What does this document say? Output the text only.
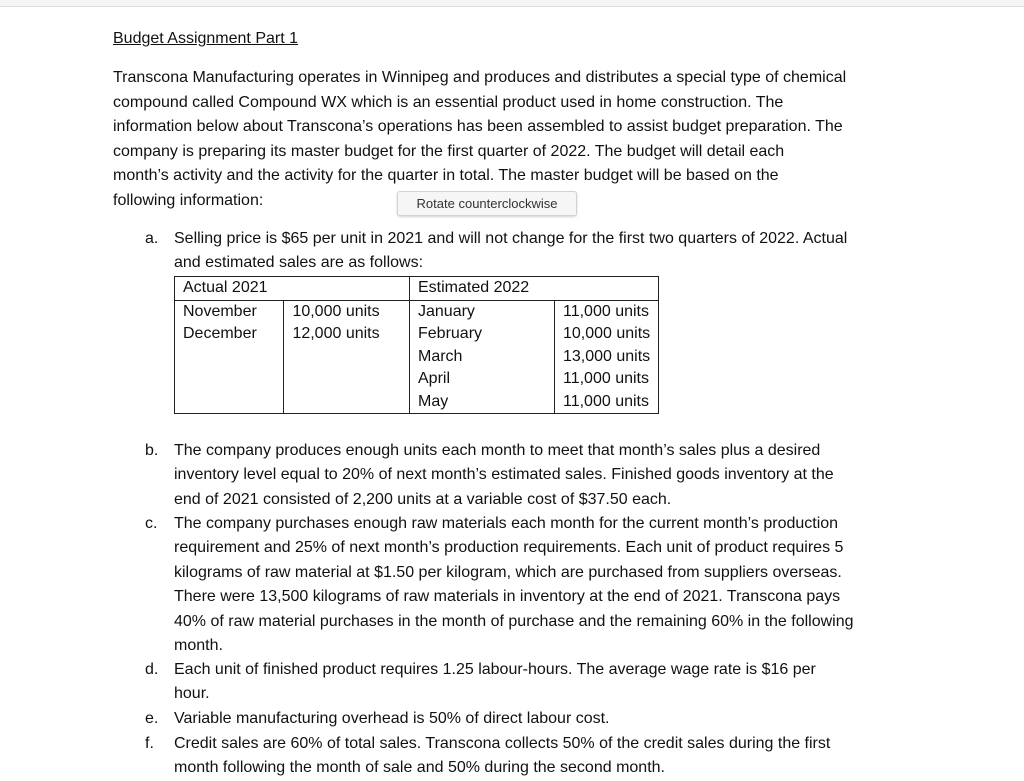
Budget Assignment Part 1
Transcona Manufacturing operates in Winnipeg and produces and distributes a special type of chemical
compound called Compound WX which is an essential product used in home construction. The
information below about Transcona’s operations has been assembled to assist budget preparation. The
company is preparing its master budget for the first quarter of 2022. The budget will detail each
month’s activity and the activity for the quarter in total. The master budget will be based on the
following information:	Rotate counterclockwise
a. Selling price is $65 per unit in 2021 and will not change for the first two quarters of 2022. Actual
and estimated sales are as follows:
Actual 2021		Estimated 2022	
November	10,000 units	January	11,000 units
December	12,000 units	February	10,000 units
		March	13,000 units
		April	11,000 units
		May	11,000 units
b. The company produces enough units each month to meet that month’s sales plus a desired
inventory level equal to 20% of next month’s estimated sales. Finished goods inventory at the
end of 2021 consisted of 2,200 units at a variable cost of $37.50 each.
c.	The company purchases enough raw materials each month for the current month’s production
requirement and 25% of next month’s production requirements. Each unit of product requires 5
kilograms of raw material at $1.50 per kilogram, which are purchased from suppliers overseas.
There were 13,500 kilograms of raw materials in inventory at the end of 2021. Transcona pays
40% of raw material purchases in the month of purchase and the remaining 60% in the following
month.
d. Each unit of finished product requires 1.25 labour-hours. The average wage rate is $16 per
hour.
e. Variable manufacturing overhead is 50% of direct labour cost.
f.	Credit sales are 60% of total sales. Transcona collects 50% of the credit sales during the first
month following the month of sale and 50% during the second month.
